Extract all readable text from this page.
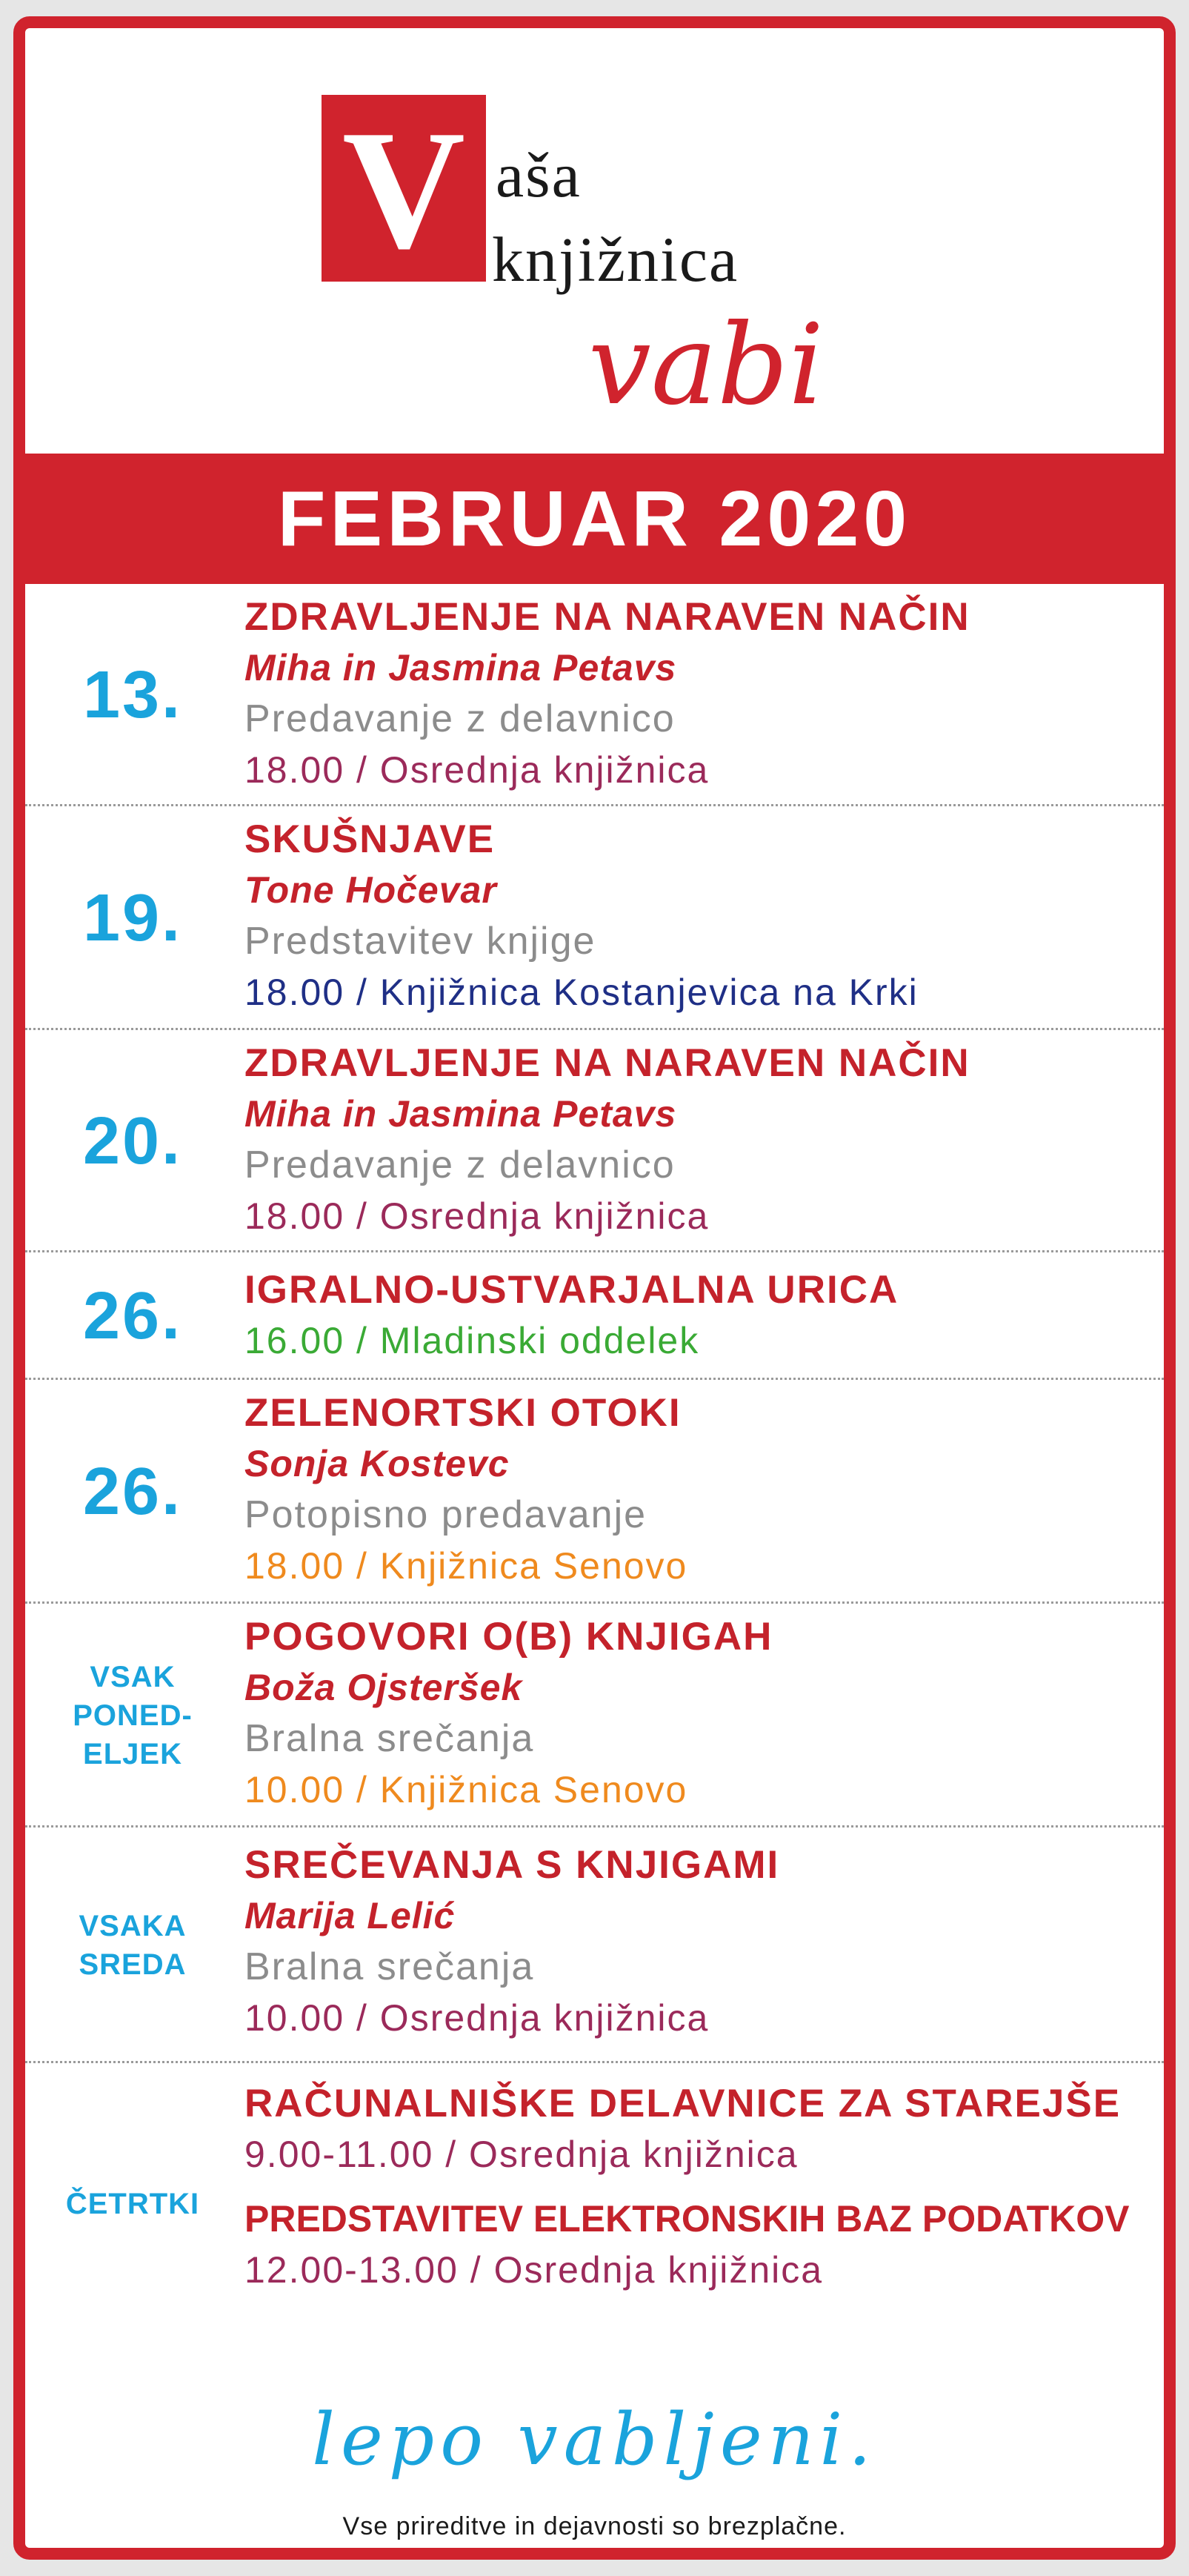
V aša
knjižnica
vabi
FEBRUAR 2020
13.
ZDRAVLJENJE NA NARAVEN NAČIN
Miha in Jasmina Petavs
Predavanje z delavnico
18.00 / Osrednja knjižnica
19.
SKUŠNJAVE
Tone Hočevar
Predstavitev knjige
18.00 / Knjižnica Kostanjevica na Krki
20.
ZDRAVLJENJE NA NARAVEN NAČIN
Miha in Jasmina Petavs
Predavanje z delavnico
18.00 / Osrednja knjižnica
26.	IGRALNO-USTVARJALNA URICA
16.00 / Mladinski oddelek
26.
ZELENORTSKI OTOKI
Sonja Kostevc
Potopisno predavanje
18.00 / Knjižnica Senovo
VSAK
PONED-
ELJEK
POGOVORI O(B) KNJIGAH
Boža Ojsteršek
Bralna srečanja
10.00 / Knjižnica Senovo
VSAKA
SREDA
SREČEVANJA S KNJIGAMI
Marija Lelić
Bralna srečanja
10.00 / Osrednja knjižnica
ČETRTKI
RAČUNALNIŠKE DELAVNICE ZA STAREJŠE
9.00-11.00 / Osrednja knjižnica
PREDSTAVITEV ELEKTRONSKIH BAZ PODATKOV
12.00-13.00 / Osrednja knjižnica
lepo vabljeni.
Vse prireditve in dejavnosti so brezplačne.
